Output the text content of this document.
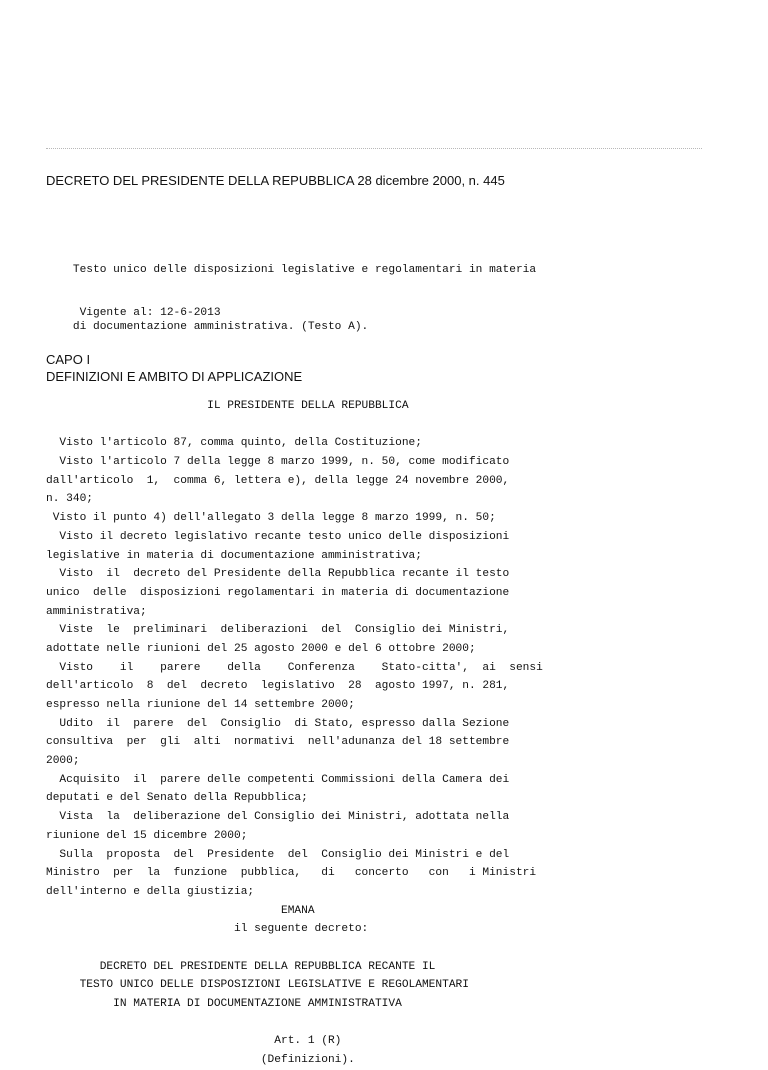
DECRETO DEL PRESIDENTE DELLA REPUBBLICA 28 dicembre 2000, n. 445

Testo unico delle disposizioni legislative e regolamentari in materia

di documentazione amministrativa. (Testo A).

Vigente al: 12-6-2013
CAPO I
DEFINIZIONI E AMBITO DI APPLICAZIONE
IL PRESIDENTE DELLA REPUBBLICA
Visto l'articolo 87, comma quinto, della Costituzione;
Visto l'articolo 7 della legge 8 marzo 1999, n. 50, come modificato
dall'articolo  1,  comma 6, lettera e), della legge 24 novembre 2000,
n. 340;
Visto il punto 4) dell'allegato 3 della legge 8 marzo 1999, n. 50;
Visto il decreto legislativo recante testo unico delle disposizioni
legislative in materia di documentazione amministrativa;
Visto  il  decreto del Presidente della Repubblica recante il testo
unico  delle  disposizioni regolamentari in materia di documentazione
amministrativa;
Viste  le  preliminari  deliberazioni  del  Consiglio dei Ministri,
adottate nelle riunioni del 25 agosto 2000 e del 6 ottobre 2000;
Visto    il    parere    della    Conferenza    Stato-citta',  ai  sensi
dell'articolo  8  del  decreto  legislativo  28  agosto 1997, n. 281,
espresso nella riunione del 14 settembre 2000;
Udito  il  parere  del  Consiglio  di Stato, espresso dalla Sezione
consultiva  per  gli  alti  normativi  nell'adunanza del 18 settembre
2000;
Acquisito  il  parere delle competenti Commissioni della Camera dei
deputati e del Senato della Repubblica;
Vista  la  deliberazione del Consiglio dei Ministri, adottata nella
riunione del 15 dicembre 2000;
Sulla  proposta  del  Presidente  del  Consiglio dei Ministri e del
Ministro  per  la  funzione  pubblica,   di   concerto   con   i Ministri
dell'interno e della giustizia;
EMANA
il seguente decreto:
DECRETO DEL PRESIDENTE DELLA REPUBBLICA RECANTE IL
TESTO UNICO DELLE DISPOSIZIONI LEGISLATIVE E REGOLAMENTARI
IN MATERIA DI DOCUMENTAZIONE AMMINISTRATIVA
Art. 1 (R)
(Definizioni).
